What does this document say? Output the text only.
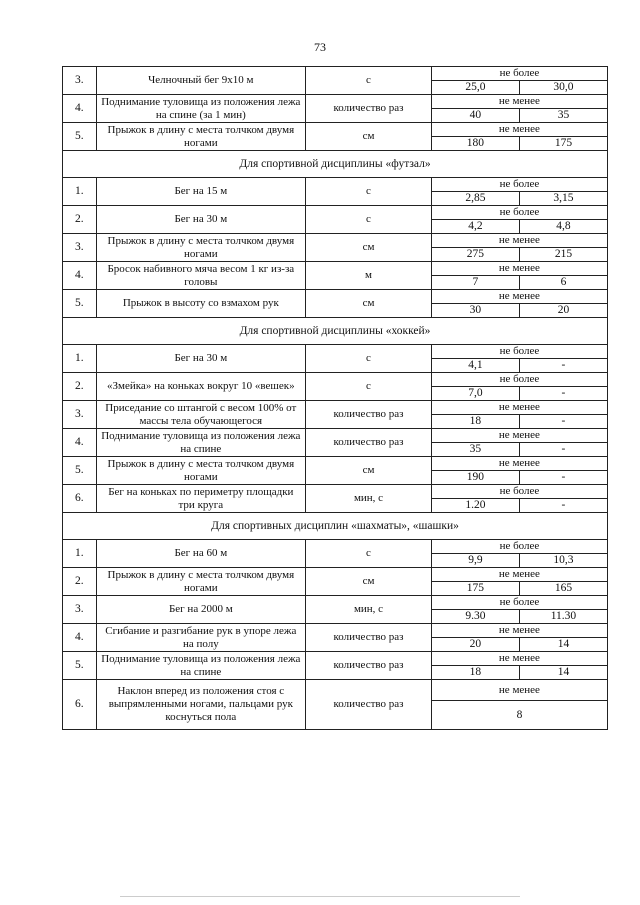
73
3.	Челночный бег 9x10 м	с	не более	
			25,0	30,0
4.	Поднимание туловища из положения лежа на спине (за 1 мин)	количество раз	не менее	
			40	35
5.	Прыжок в длину с места толчком двумя ногами	см	не менее	
			180	175
Для спортивной дисциплины «футзал»				
1.	Бег на 15 м	с	не более	
			2,85	3,15
2.	Бег на 30 м	с	не более	
			4,2	4,8
3.	Прыжок в длину с места толчком двумя ногами	см	не менее	
			275	215
4.	Бросок набивного мяча весом 1 кг из-за головы	м	не менее	
			7	6
5.	Прыжок в высоту со взмахом рук	см	не менее	
			30	20
Для спортивной дисциплины «хоккей»				
1.	Бег на 30 м	с	не более	
			4,1	-
2.	«Змейка» на коньках вокруг 10 «вешек»	с	не более	
			7,0	-
3.	Приседание со штангой с весом 100% от массы тела обучающегося	количество раз	не менее	
			18	-
4.	Поднимание туловища из положения лежа на спине	количество раз	не менее	
			35	-
5.	Прыжок в длину с места толчком двумя ногами	см	не менее	
			190	-
6.	Бег на коньках по периметру площадки три круга	мин, с	не более	
			1.20	-
Для спортивных дисциплин «шахматы», «шашки»				
1.	Бег на 60 м	с	не более	
			9,9	10,3
2.	Прыжок в длину с места толчком двумя ногами	см	не менее	
			175	165
3.	Бег на 2000 м	мин, с	не более	
			9.30	11.30
4.	Сгибание и разгибание рук в упоре лежа на полу	количество раз	не менее	
			20	14
5.	Поднимание туловища из положения лежа на спине	количество раз	не менее	
			18	14
6.	Наклон вперед из положения стоя с выпрямленными ногами, пальцами рук коснуться пола	количество раз	не менее	
			8	
